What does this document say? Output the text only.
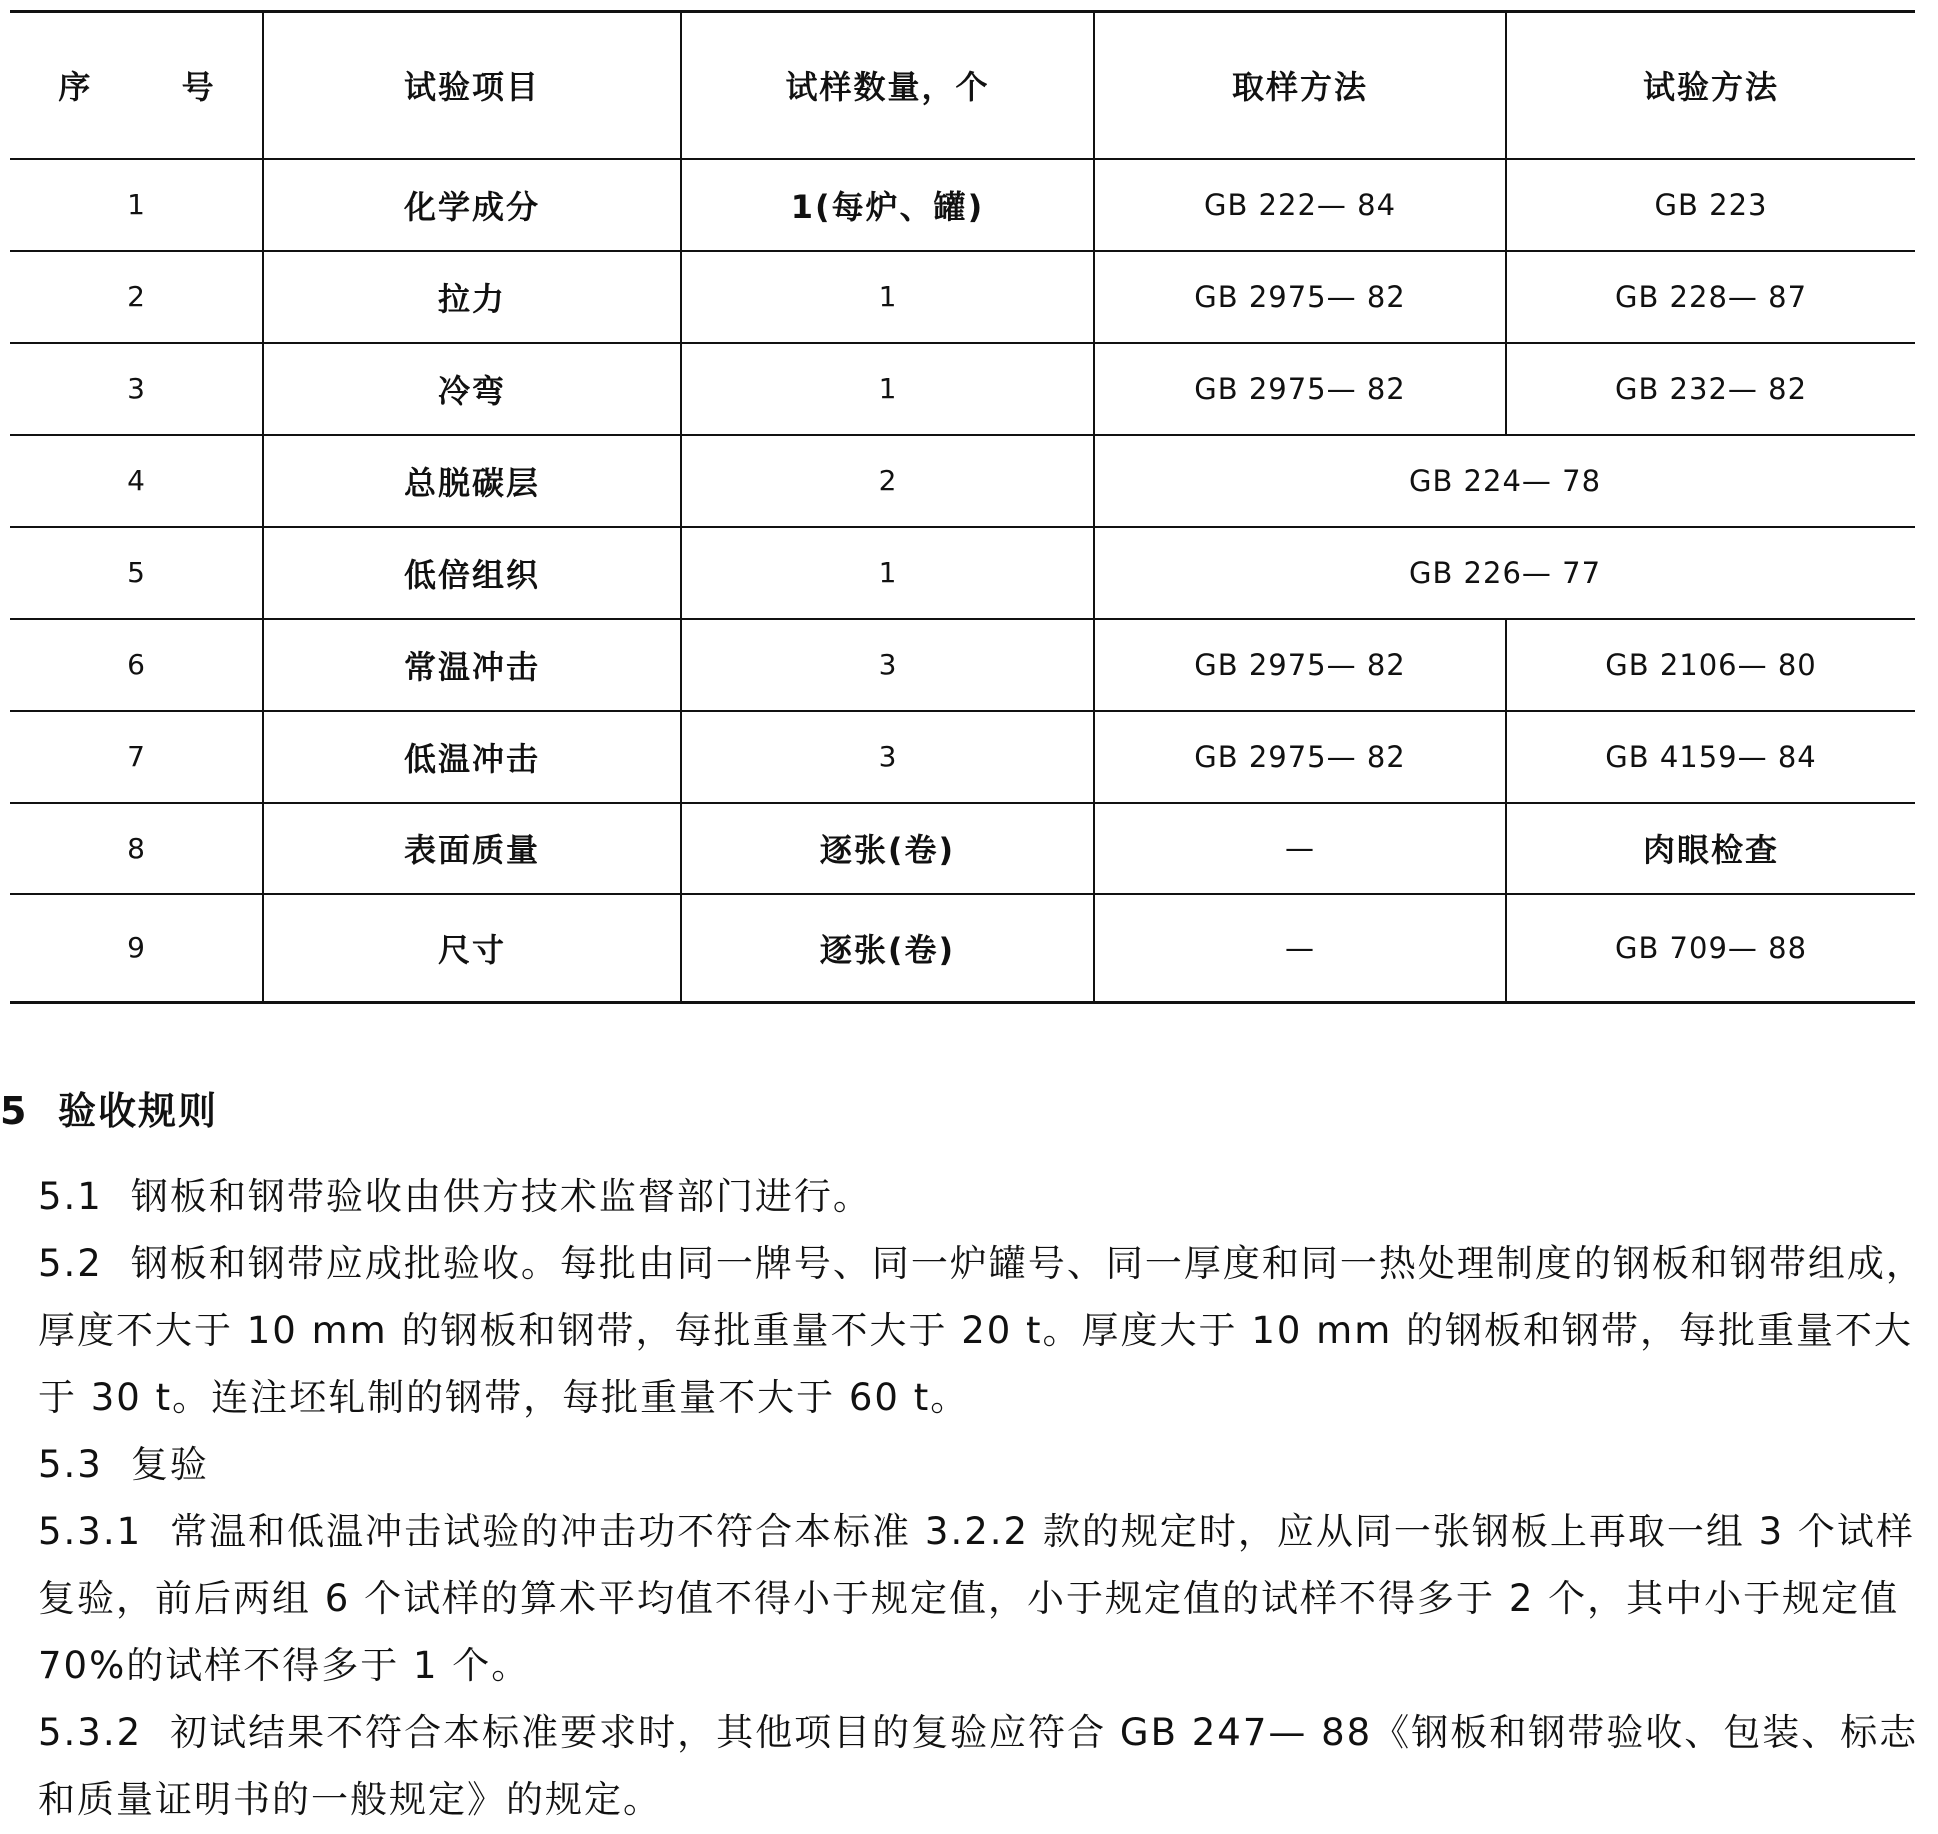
序 号	试验项目	试样数量，个	取样方法	试验方法
1	化学成分	1(每炉、罐)	GB 222— 84	GB 223
2	拉力	1	GB 2975— 82	GB 228— 87
3	冷弯	1	GB 2975— 82	GB 232— 82
4	总脱碳层	2	GB 224— 78	
5	低倍组织	1	GB 226— 77	
6	常温冲击	3	GB 2975— 82	GB 2106— 80
7	低温冲击	3	GB 2975— 82	GB 4159— 84
8	表面质量	逐张(卷)	—	肉眼检查
9	尺寸	逐张(卷)	—	GB 709— 88
5 验收规则

5.1 钢板和钢带验收由供方技术监督部门进行。

5.2 钢板和钢带应成批验收。每批由同一牌号、同一炉罐号、同一厚度和同一热处理制度的钢板和钢带组成，厚度不大于 10 mm 的钢板和钢带，每批重量不大于 20 t。厚度大于 10 mm 的钢板和钢带，每批重量不大于 30 t。连注坯轧制的钢带，每批重量不大于 60 t。

5.3 复验

5.3.1 常温和低温冲击试验的冲击功不符合本标准 3.2.2 款的规定时，应从同一张钢板上再取一组 3 个试样复验，前后两组 6 个试样的算术平均值不得小于规定值，小于规定值的试样不得多于 2 个，其中小于规定值 70%的试样不得多于 1 个。

5.3.2 初试结果不符合本标准要求时，其他项目的复验应符合 GB 247— 88《钢板和钢带验收、包装、标志和质量证明书的一般规定》的规定。
